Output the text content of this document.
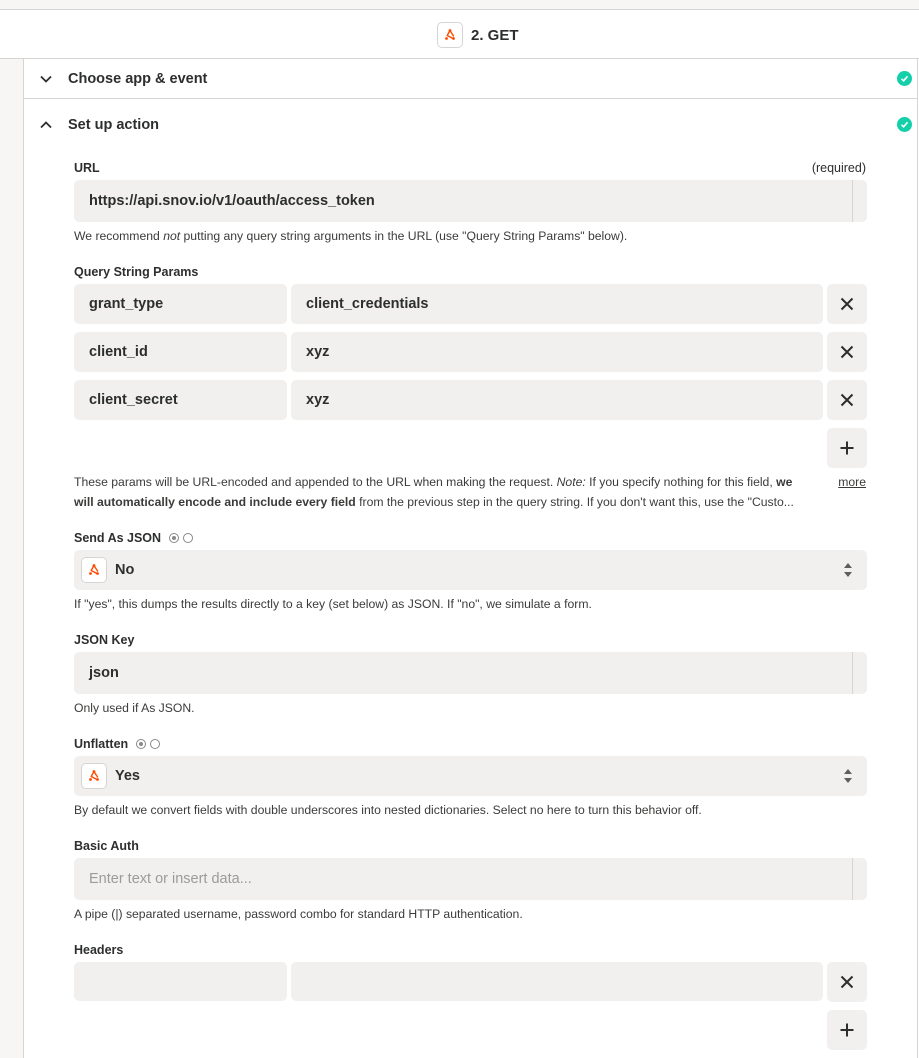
2. GET
Choose app & event
Set up action
URL	(required)
https://api.snov.io/v1/oauth/access_token
We recommend not putting any query string arguments in the URL (use "Query String Params" below).
Query String Params
grant_type	client_credentials
client_id	xyz
client_secret	xyz
These params will be URL-encoded and appended to the URL when making the request. Note: If you specify nothing for this field, we
will automatically encode and include every field from the previous step in the query string. If you don't want this, use the "Custo...
more
Send As JSON
No
If "yes", this dumps the results directly to a key (set below) as JSON. If "no", we simulate a form.
JSON Key
json
Only used if As JSON.
Unflatten
Yes
By default we convert fields with double underscores into nested dictionaries. Select no here to turn this behavior off.
Basic Auth
Enter text or insert data...
A pipe (|) separated username, password combo for standard HTTP authentication.
Headers
